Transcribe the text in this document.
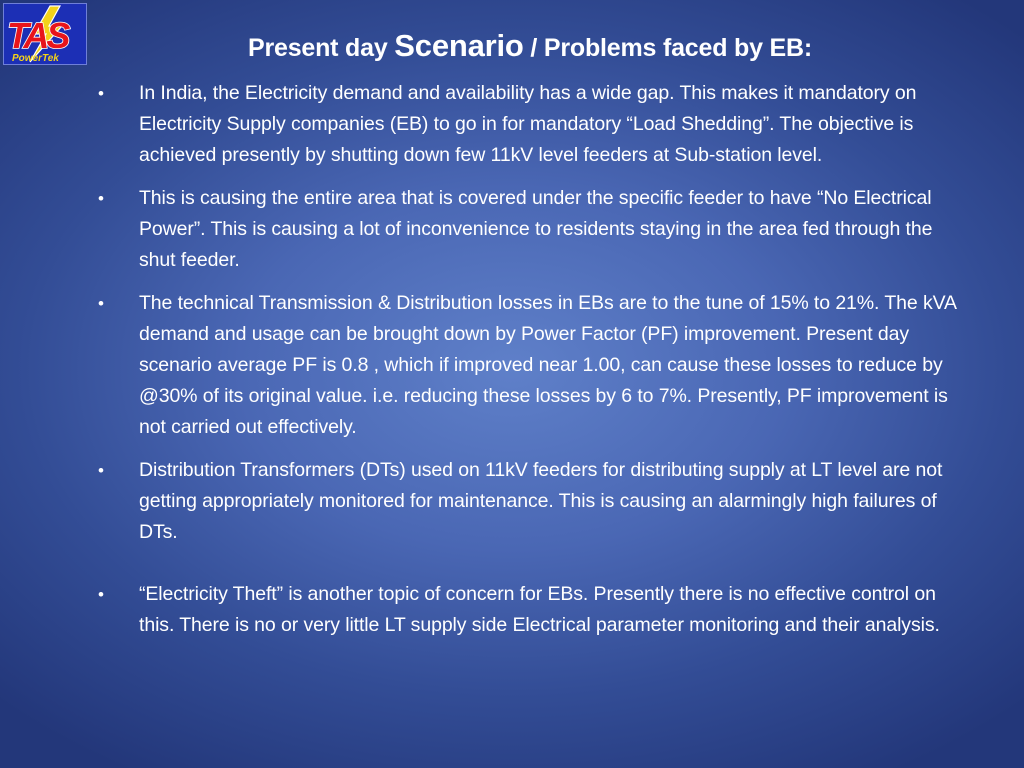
TAS
PowerTek	Present day Scenario / Problems faced by EB:
• In India, the Electricity demand and availability has a wide gap. This makes it mandatory on Electricity Supply companies (EB) to go in for mandatory “Load Shedding”. The objective is achieved presently by shutting down few 11kV level feeders at Sub-station level.
• This is causing the entire area that is covered under the specific feeder to have “No Electrical Power”. This is causing a lot of inconvenience to residents staying in the area fed through the shut feeder.
• The technical Transmission & Distribution losses in EBs are to the tune of 15% to 21%. The kVA demand and usage can be brought down by Power Factor (PF) improvement. Present day scenario average PF is 0.8 , which if improved near 1.00, can cause these losses to reduce by @30% of its original value. i.e. reducing these losses by 6 to 7%. Presently, PF improvement is not carried out effectively.
• Distribution Transformers (DTs) used on 11kV feeders for distributing supply at LT level are not getting appropriately monitored for maintenance. This is causing an alarmingly high failures of DTs.
• “Electricity Theft” is another topic of concern for EBs. Presently there is no effective control on this. There is no or very little LT supply side Electrical parameter monitoring and their analysis.
